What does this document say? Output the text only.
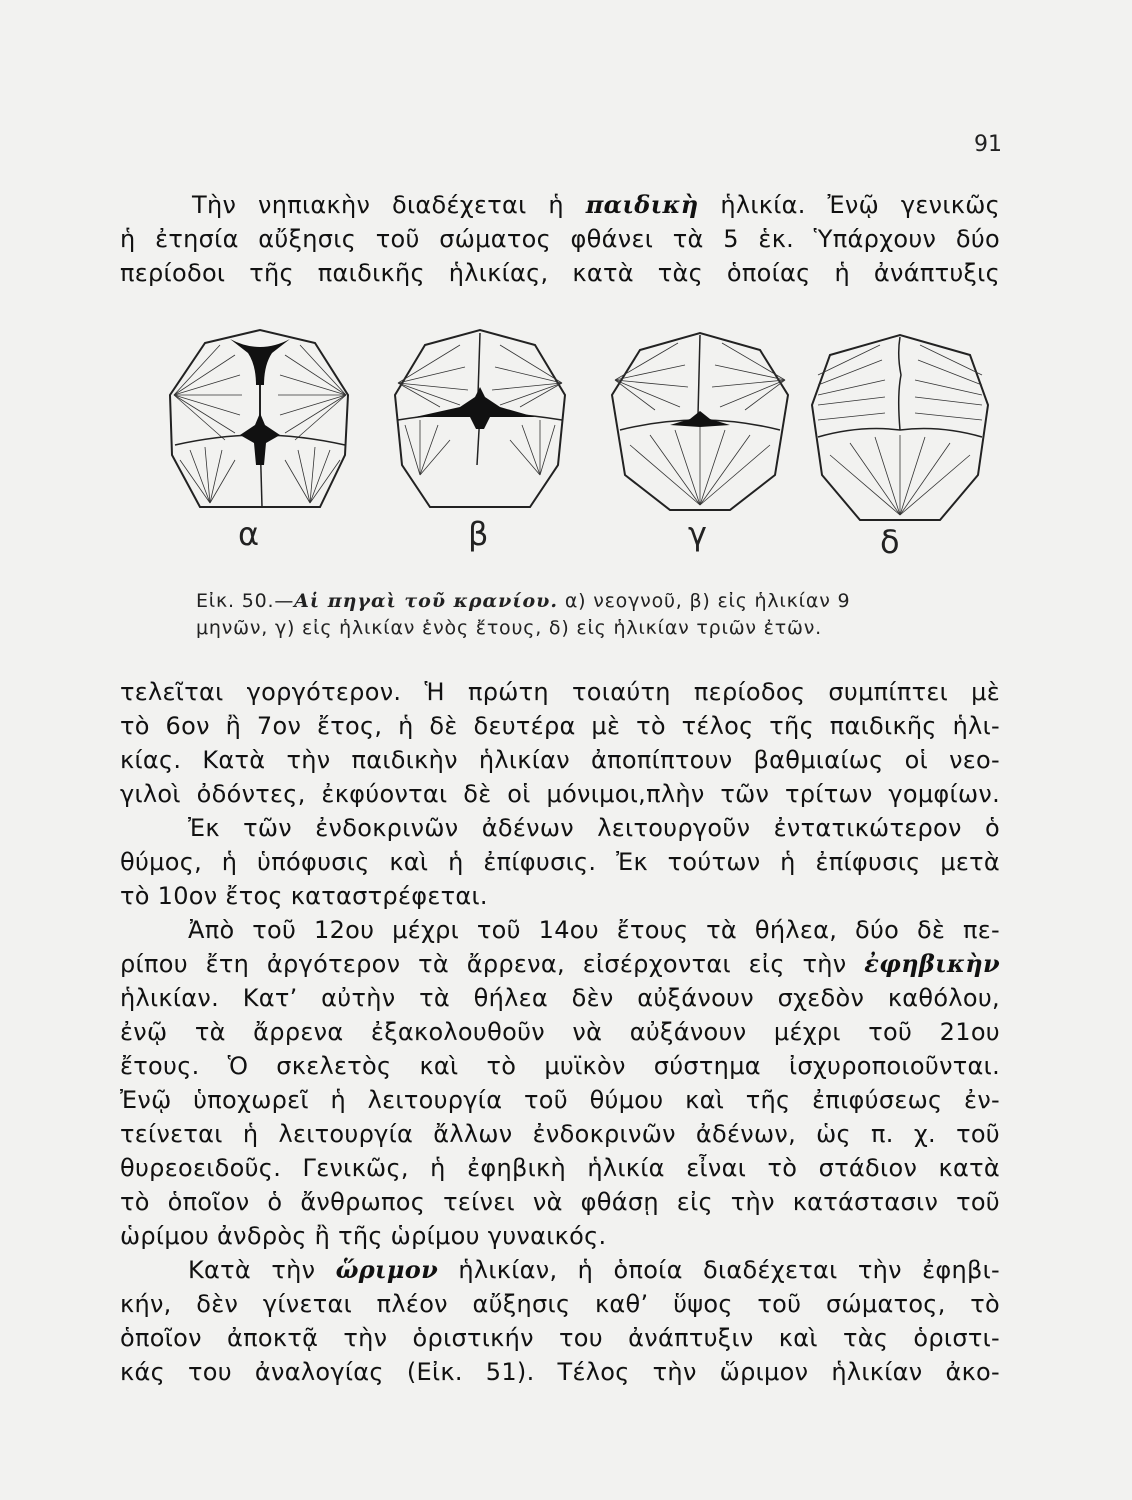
91
Τὴν νηπιακὴν διαδέχεται ἡ παιδικὴ ἡλικία. Ἐνῷ γενικῶς
ἡ ἐτησία αὔξησις τοῦ σώματος φθάνει τὰ 5 ἑκ. Ὑπάρχουν δύο
περίοδοι τῆς παιδικῆς ἡλικίας, κατὰ τὰς ὁποίας ἡ ἀνάπτυξις
α	β	γ	δ
Εἰκ. 50.—Αἱ πηγαὶ τοῦ κρανίου. α) νεογνοῦ, β) εἰς ἡλικίαν 9
μηνῶν, γ) εἰς ἡλικίαν ἑνὸς ἔτους, δ) εἰς ἡλικίαν τριῶν ἐτῶν.
τελεῖται γοργότερον. Ἡ πρώτη τοιαύτη περίοδος συμπίπτει μὲ
τὸ 6ον ἢ 7ον ἔτος, ἡ δὲ δευτέρα μὲ τὸ τέλος τῆς παιδικῆς ἡλι-
κίας. Κατὰ τὴν παιδικὴν ἡλικίαν ἀποπίπτουν βαθμιαίως οἱ νεο-
γιλοὶ ὀδόντες, ἐκφύονται δὲ οἱ μόνιμοι,πλὴν τῶν τρίτων γομφίων.
Ἐκ τῶν ἐνδοκρινῶν ἀδένων λειτουργοῦν ἐντατικώτερον ὁ
θύμος, ἡ ὑπόφυσις καὶ ἡ ἐπίφυσις. Ἐκ τούτων ἡ ἐπίφυσις μετὰ
τὸ 10ον ἔτος καταστρέφεται.
Ἀπὸ τοῦ 12ου μέχρι τοῦ 14ου ἔτους τὰ θήλεα, δύο δὲ πε-
ρίπου ἔτη ἀργότερον τὰ ἄρρενα, εἰσέρχονται εἰς τὴν ἐφηβικὴν
ἡλικίαν. Κατ’ αὐτὴν τὰ θήλεα δὲν αὐξάνουν σχεδὸν καθόλου,
ἐνῷ τὰ ἄρρενα ἐξακολουθοῦν νὰ αὐξάνουν μέχρι τοῦ 21ου
ἔτους. Ὁ σκελετὸς καὶ τὸ μυϊκὸν σύστημα ἰσχυροποιοῦνται.
Ἐνῷ ὑποχωρεῖ ἡ λειτουργία τοῦ θύμου καὶ τῆς ἐπιφύσεως ἐν-
τείνεται ἡ λειτουργία ἄλλων ἐνδοκρινῶν ἀδένων, ὡς π. χ. τοῦ
θυρεοειδοῦς. Γενικῶς, ἡ ἐφηβικὴ ἡλικία εἶναι τὸ στάδιον κατὰ
τὸ ὁποῖον ὁ ἄνθρωπος τείνει νὰ φθάσῃ εἰς τὴν κατάστασιν τοῦ
ὡρίμου ἀνδρὸς ἢ τῆς ὡρίμου γυναικός.
Κατὰ τὴν ὥριμον ἡλικίαν, ἡ ὁποία διαδέχεται τὴν ἐφηβι-
κήν, δὲν γίνεται πλέον αὔξησις καθ’ ὕψος τοῦ σώματος, τὸ
ὁποῖον ἀποκτᾷ τὴν ὁριστικήν του ἀνάπτυξιν καὶ τὰς ὁριστι-
κάς του ἀναλογίας (Εἰκ. 51). Τέλος τὴν ὥριμον ἡλικίαν ἀκο-
